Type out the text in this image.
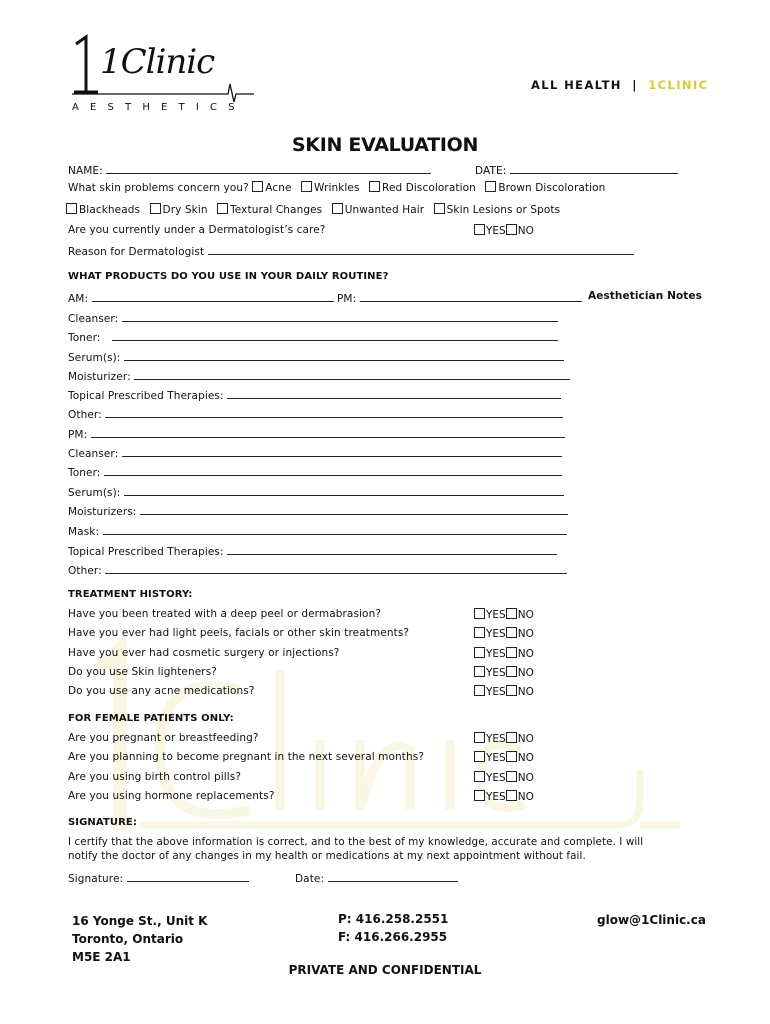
1Clinic
A E S T H E T I C S
ALL HEALTH | 1CLINIC
SKIN EVALUATION
NAME:	DATE:
What skin problems concern you? Acne Wrinkles Red Discoloration Brown Discoloration
Blackheads Dry Skin Textural Changes Unwanted Hair Skin Lesions or Spots
Are you currently under a Dermatologist’s care?	YES NO
Reason for Dermatologist
WHAT PRODUCTS DO YOU USE IN YOUR DAILY ROUTINE?
AM:	PM:	Aesthetician Notes
Cleanser:
Toner:
Serum(s):
Moisturizer:
Topical Prescribed Therapies:
Other:
PM:
Cleanser:
Toner:
Serum(s):
Moisturizers:
Mask:
Topical Prescribed Therapies:
Other:
TREATMENT HISTORY:
Have you been treated with a deep peel or dermabrasion?	YES NO
Have you ever had light peels, facials or other skin treatments?	YES NO
Have you ever had cosmetic surgery or injections?	YES NO
Do you use Skin lighteners?	YES NO
Do you use any acne medications?	YES NO
FOR FEMALE PATIENTS ONLY:
Are you pregnant or breastfeeding?	YES NO
Are you planning to become pregnant in the next several months?	YES NO
Are you using birth control pills?	YES NO
Are you using hormone replacements?	YES NO
SIGNATURE:
I certify that the above information is correct, and to the best of my knowledge, accurate and complete. I will
notify the doctor of any changes in my health or medications at my next appointment without fail.
Signature:	Date:
16 Yonge St., Unit K
Toronto, Ontario
M5E 2A1
P: 416.258.2551
F: 416.266.2955
glow@1Clinic.ca
PRIVATE AND CONFIDENTIAL
